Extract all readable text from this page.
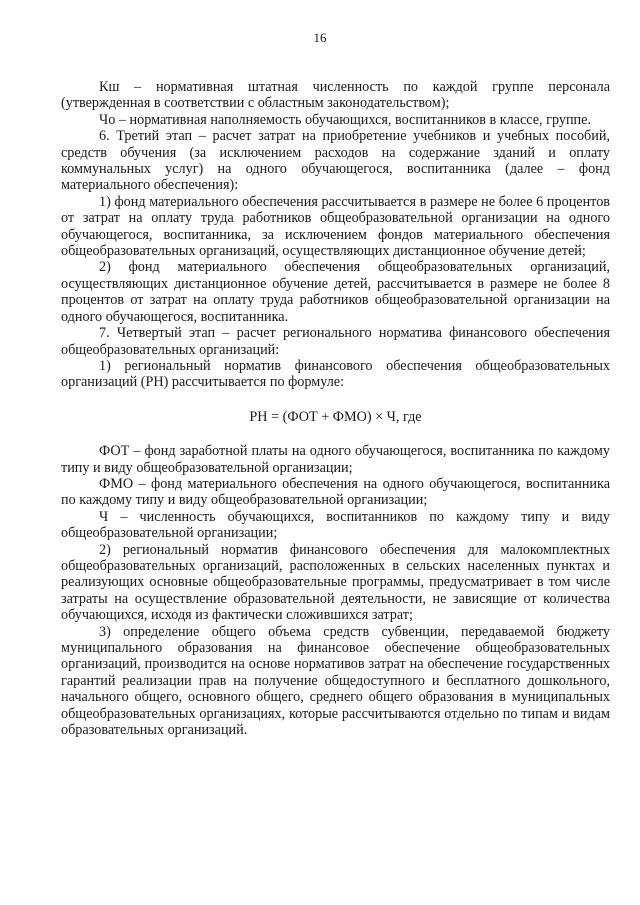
16

Кш – нормативная штатная численность по каждой группе персонала (утвержденная в соответствии с областным законодательством);

Чо – нормативная наполняемость обучающихся, воспитанников в классе, группе.

6. Третий этап – расчет затрат на приобретение учебников и учебных пособий, средств обучения (за исключением расходов на содержание зданий и оплату коммунальных услуг) на одного обучающегося, воспитанника (далее – фонд материального обеспечения):

1) фонд материального обеспечения рассчитывается в размере не более 6 процентов от затрат на оплату труда работников общеобразовательной организации на одного обучающегося, воспитанника, за исключением фондов материального обеспечения общеобразовательных организаций, осуществляющих дистанционное обучение детей;

2) фонд материального обеспечения общеобразовательных организаций, осуществляющих дистанционное обучение детей, рассчитывается в размере не более 8 процентов от затрат на оплату труда работников общеобразовательной организации на одного обучающегося, воспитанника.

7. Четвертый этап – расчет регионального норматива финансового обеспечения общеобразовательных организаций:

1) региональный норматив финансового обеспечения общеобразовательных организаций (РН) рассчитывается по формуле:

РН = (ФОТ + ФМО) × Ч, где

ФОТ – фонд заработной платы на одного обучающегося, воспитанника по каждому типу и виду общеобразовательной организации;

ФМО – фонд материального обеспечения на одного обучающегося, воспитанника по каждому типу и виду общеобразовательной организации;

Ч – численность обучающихся, воспитанников по каждому типу и виду общеобразовательной организации;

2) региональный норматив финансового обеспечения для малокомплектных общеобразовательных организаций, расположенных в сельских населенных пунктах и реализующих основные общеобразовательные программы, предусматривает в том числе затраты на осуществление образовательной деятельности, не зависящие от количества обучающихся, исходя из фактически сложившихся затрат;

3) определение общего объема средств субвенции, передаваемой бюджету муниципального образования на финансовое обеспечение общеобразовательных организаций, производится на основе нормативов затрат на обеспечение государственных гарантий реализации прав на получение общедоступного и бесплатного дошкольного, начального общего, основного общего, среднего общего образования в муниципальных общеобразовательных организациях, которые рассчитываются отдельно по типам и видам образовательных организаций.
